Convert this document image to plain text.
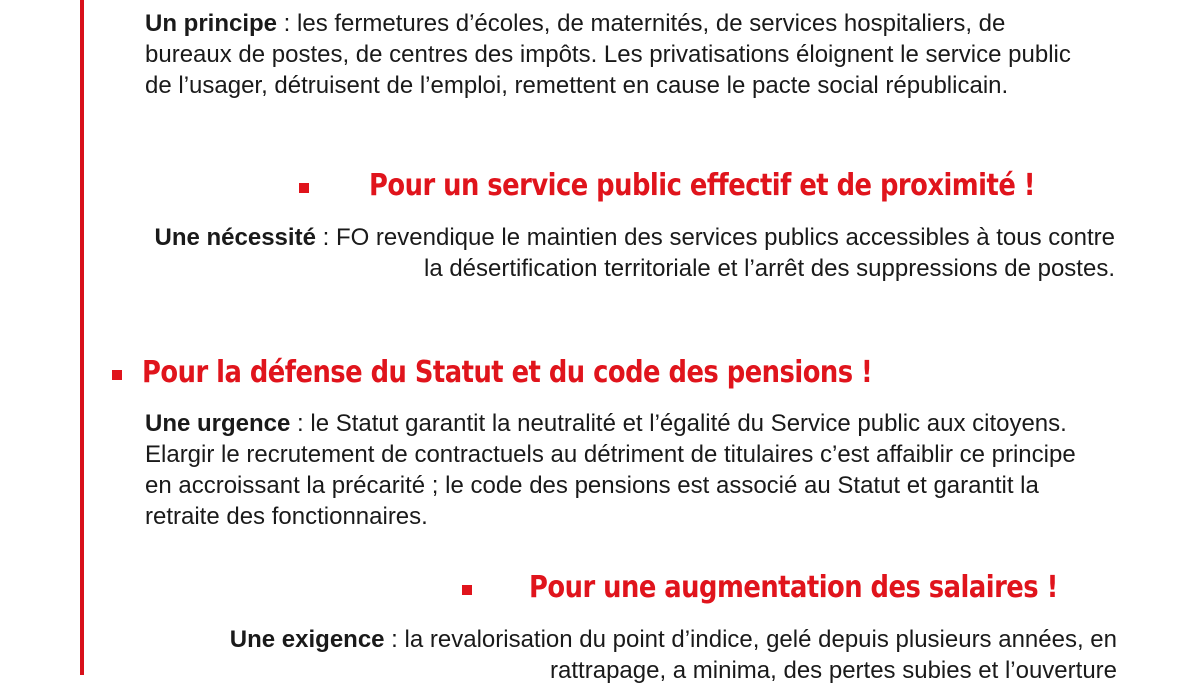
Un principe : les fermetures d’écoles, de maternités, de services hospitaliers, de bureaux de postes, de centres des impôts. Les privatisations éloignent le service public de l’usager, détruisent de l’emploi, remettent en cause le pacte social républicain.

Pour un service public effectif et de proximité !

Une nécessité : FO revendique le maintien des services publics accessibles à tous contre la désertification territoriale et l’arrêt des suppressions de postes.

Pour la défense du Statut et du code des pensions !

Une urgence : le Statut garantit la neutralité et l’égalité du Service public aux citoyens. Elargir le recrutement de contractuels au détriment de titulaires c’est affaiblir ce principe en accroissant la précarité ; le code des pensions est associé au Statut et garantit la retraite des fonctionnaires.

Pour une augmentation des salaires !

Une exigence : la revalorisation du point d’indice, gelé depuis plusieurs années, en rattrapage, a minima, des pertes subies et l’ouverture
